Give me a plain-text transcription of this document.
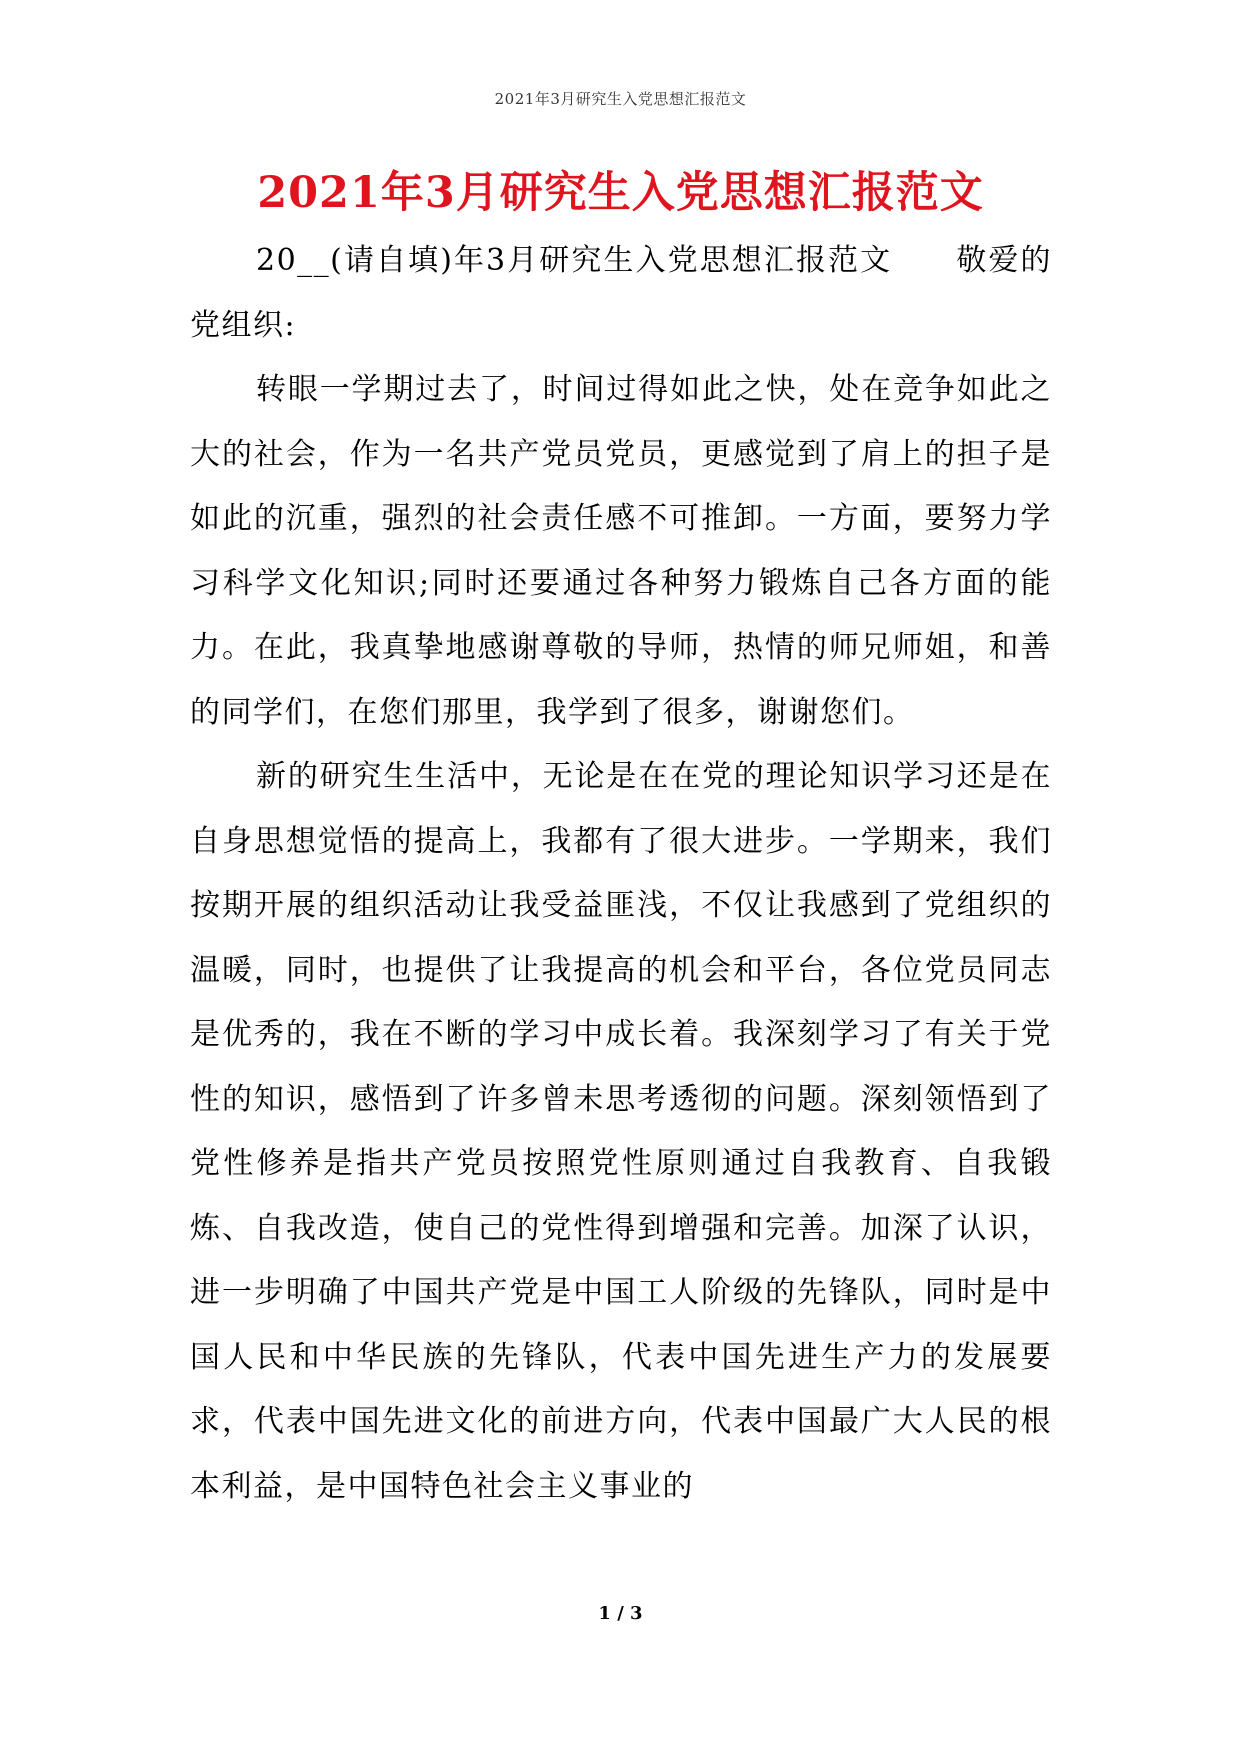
2021年3月研究生入党思想汇报范文
2021年3月研究生入党思想汇报范文

20__(请自填)年3月研究生入党思想汇报范文　　敬爱的党组织:

转眼一学期过去了，时间过得如此之快，处在竞争如此之大的社会，作为一名共产党员党员，更感觉到了肩上的担子是如此的沉重，强烈的社会责任感不可推卸。一方面，要努力学习科学文化知识;同时还要通过各种努力锻炼自己各方面的能力。在此，我真挚地感谢尊敬的导师，热情的师兄师姐，和善的同学们，在您们那里，我学到了很多，谢谢您们。

新的研究生生活中，无论是在在党的理论知识学习还是在自身思想觉悟的提高上，我都有了很大进步。一学期来，我们按期开展的组织活动让我受益匪浅，不仅让我感到了党组织的温暖，同时，也提供了让我提高的机会和平台，各位党员同志是优秀的，我在不断的学习中成长着。我深刻学习了有关于党性的知识，感悟到了许多曾未思考透彻的问题。深刻领悟到了党性修养是指共产党员按照党性原则通过自我教育、自我锻炼、自我改造，使自己的党性得到增强和完善。加深了认识，进一步明确了中国共产党是中国工人阶级的先锋队，同时是中国人民和中华民族的先锋队，代表中国先进生产力的发展要求，代表中国先进文化的前进方向，代表中国最广大人民的根本利益，是中国特色社会主义事业的

1 / 3
